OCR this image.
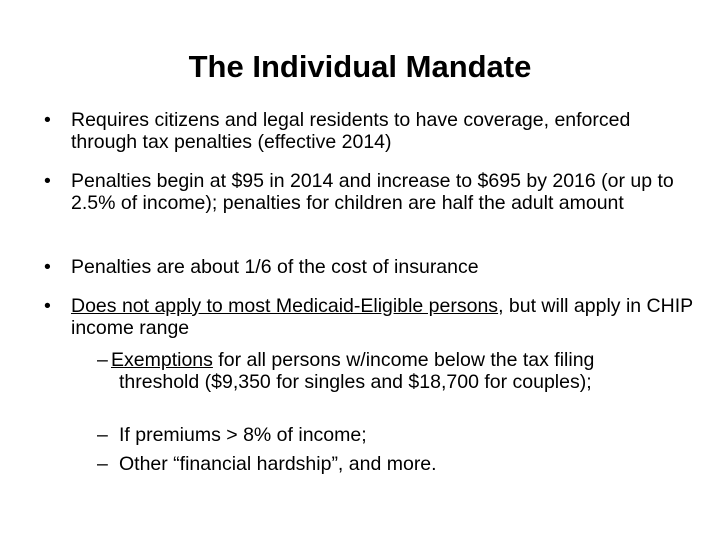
The Individual Mandate
• Requires citizens and legal residents to have coverage, enforced through tax penalties (effective 2014)
• Penalties begin at $95 in 2014 and increase to $695 by 2016 (or up to 2.5% of income); penalties for children are half the adult amount
• Penalties are about 1/6 of the cost of insurance
• Does not apply to most Medicaid-Eligible persons, but will apply in CHIP income range
– Exemptions for all persons w/income below the tax filing threshold ($9,350 for singles and $18,700 for couples);
– If premiums > 8% of income;
– Other “financial hardship”, and more.
